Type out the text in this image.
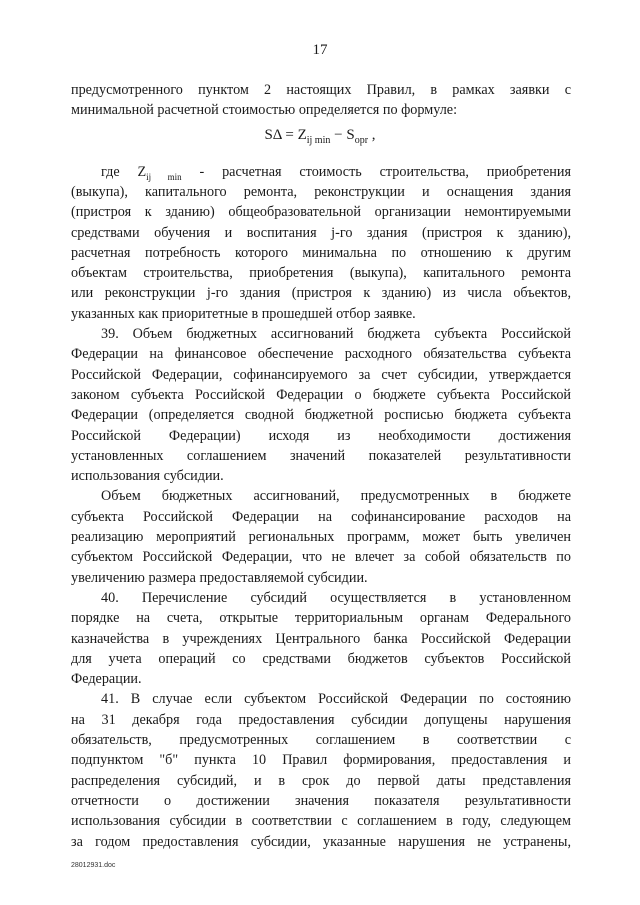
17

предусмотренного пунктом 2 настоящих Правил, в рамках заявки с

минимальной расчетной стоимостью определяется по формуле:

$S\Delta = Z_{ij min} - S_{opr}$ ,
где $Z_{ij min}$ - расчетная стоимость строительства, приобретения

(выкупа), капитального ремонта, реконструкции и оснащения здания

(пристроя к зданию) общеобразовательной организации немонтируемыми

средствами обучения и воспитания j-го здания (пристроя к зданию),

расчетная потребность которого минимальна по отношению к другим

объектам строительства, приобретения (выкупа), капитального ремонта

или реконструкции j-го здания (пристроя к зданию) из числа объектов,

указанных как приоритетные в прошедшей отбор заявке.

39. Объем бюджетных ассигнований бюджета субъекта Российской

Федерации на финансовое обеспечение расходного обязательства субъекта

Российской Федерации, софинансируемого за счет субсидии, утверждается

законом субъекта Российской Федерации о бюджете субъекта Российской

Федерации (определяется сводной бюджетной росписью бюджета субъекта

Российской Федерации) исходя из необходимости достижения

установленных соглашением значений показателей результативности

использования субсидии.

Объем бюджетных ассигнований, предусмотренных в бюджете

субъекта Российской Федерации на софинансирование расходов на

реализацию мероприятий региональных программ, может быть увеличен

субъектом Российской Федерации, что не влечет за собой обязательств по

увеличению размера предоставляемой субсидии.

40. Перечисление субсидий осуществляется в установленном

порядке на счета, открытые территориальным органам Федерального

казначейства в учреждениях Центрального банка Российской Федерации

для учета операций со средствами бюджетов субъектов Российской

Федерации.

41. В случае если субъектом Российской Федерации по состоянию

на 31 декабря года предоставления субсидии допущены нарушения

обязательств, предусмотренных соглашением в соответствии с

подпунктом "б" пункта 10 Правил формирования, предоставления и

распределения субсидий, и в срок до первой даты представления

отчетности о достижении значения показателя результативности

использования субсидии в соответствии с соглашением в году, следующем

за годом предоставления субсидии, указанные нарушения не устранены,

28012931.doc
